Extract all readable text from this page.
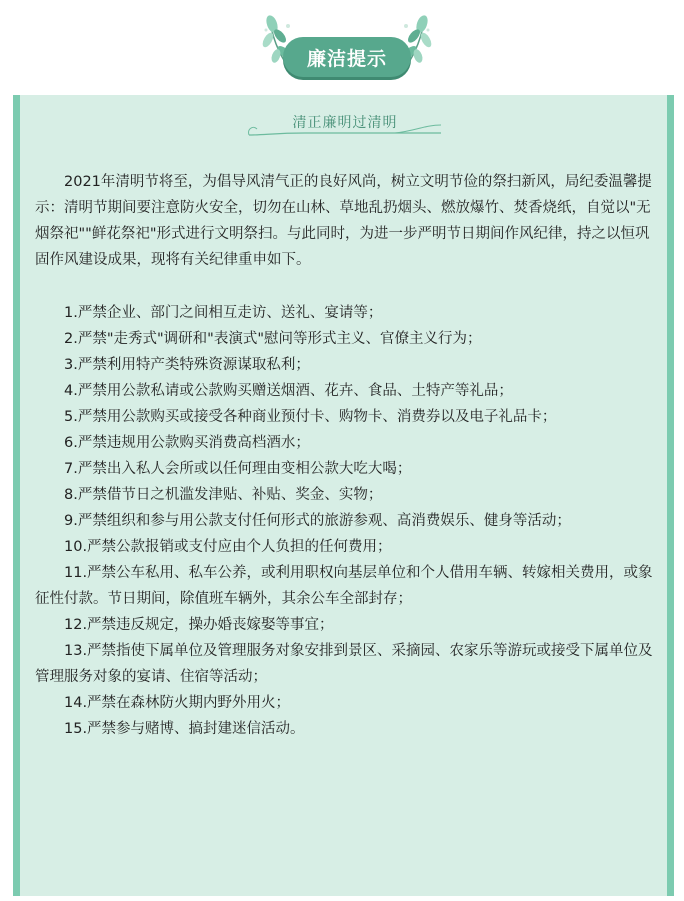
廉洁提示
清正廉明过清明

2021年清明节将至，为倡导风清气正的良好风尚，树立文明节俭的祭扫新风，局纪委温馨提示：清明节期间要注意防火安全，切勿在山林、草地乱扔烟头、燃放爆竹、焚香烧纸，自觉以"无烟祭祀""鲜花祭祀"形式进行文明祭扫。与此同时，为进一步严明节日期间作风纪律，持之以恒巩固作风建设成果，现将有关纪律重申如下。

1.严禁企业、部门之间相互走访、送礼、宴请等；

2.严禁"走秀式"调研和"表演式"慰问等形式主义、官僚主义行为；

3.严禁利用特产类特殊资源谋取私利；

4.严禁用公款私请或公款购买赠送烟酒、花卉、食品、土特产等礼品；

5.严禁用公款购买或接受各种商业预付卡、购物卡、消费券以及电子礼品卡；

6.严禁违规用公款购买消费高档酒水；

7.严禁出入私人会所或以任何理由变相公款大吃大喝；

8.严禁借节日之机滥发津贴、补贴、奖金、实物；

9.严禁组织和参与用公款支付任何形式的旅游参观、高消费娱乐、健身等活动；

10.严禁公款报销或支付应由个人负担的任何费用；

11.严禁公车私用、私车公养，或利用职权向基层单位和个人借用车辆、转嫁相关费用，或象征性付款。节日期间，除值班车辆外，其余公车全部封存；

12.严禁违反规定，操办婚丧嫁娶等事宜；

13.严禁指使下属单位及管理服务对象安排到景区、采摘园、农家乐等游玩或接受下属单位及管理服务对象的宴请、住宿等活动；

14.严禁在森林防火期内野外用火；

15.严禁参与赌博、搞封建迷信活动。
